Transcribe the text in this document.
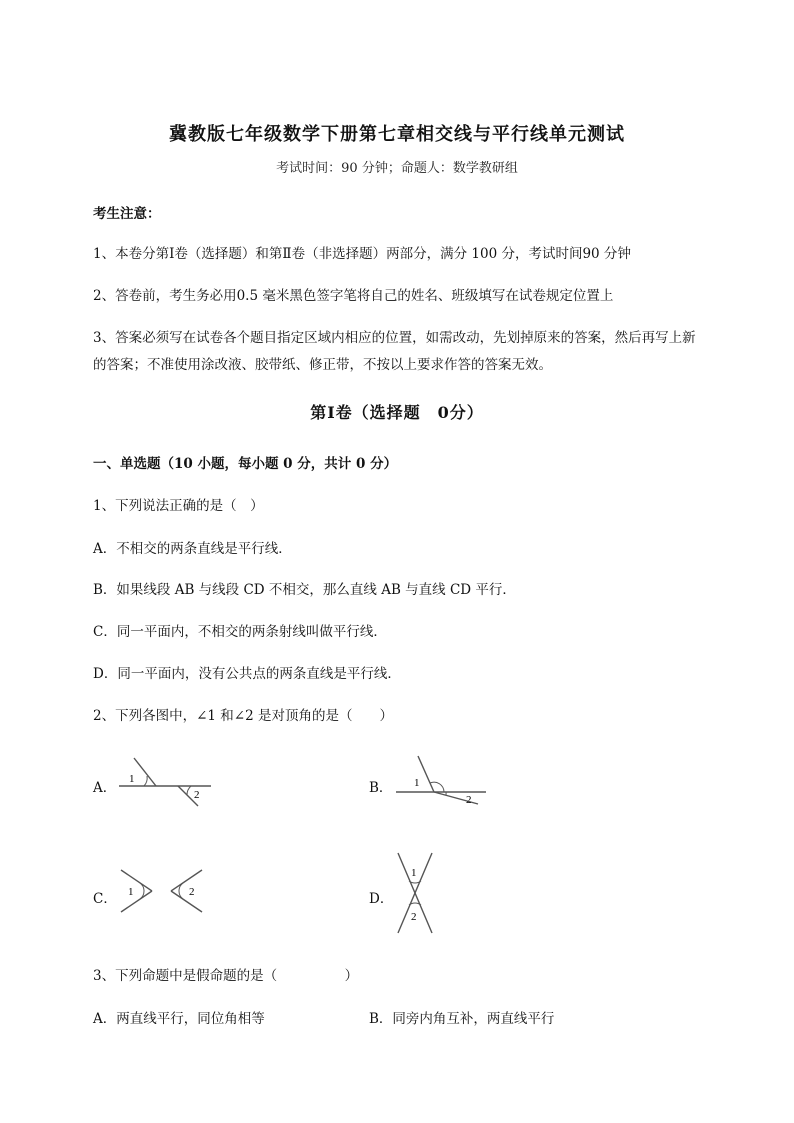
冀教版七年级数学下册第七章相交线与平行线单元测试
考试时间：90 分钟；命题人：数学教研组
考生注意：
1、本卷分第Ⅰ卷（选择题）和第Ⅱ卷（非选择题）两部分，满分 100 分，考试时间90 分钟
2、答卷前，考生务必用0.5 毫米黑色签字笔将自己的姓名、班级填写在试卷规定位置上
3、答案必须写在试卷各个题目指定区域内相应的位置，如需改动，先划掉原来的答案，然后再写上新
的答案；不准使用涂改液、胶带纸、修正带，不按以上要求作答的答案无效。
第Ⅰ卷（选择题　0分）
一、单选题（10 小题，每小题 0 分，共计 0 分）
1、下列说法正确的是（　）
A．不相交的两条直线是平行线．
B．如果线段 AB 与线段 CD 不相交，那么直线 AB 与直线 CD 平行．
C．同一平面内，不相交的两条射线叫做平行线．
D．同一平面内，没有公共点的两条直线是平行线．
2、下列各图中，∠1 和∠2 是对顶角的是（　　）
A．
1
2	B． 1
2
C． 1	2	D．
1
2
3、下列命题中是假命题的是（　　　　　）
A．两直线平行，同位角相等	B．同旁内角互补，两直线平行
